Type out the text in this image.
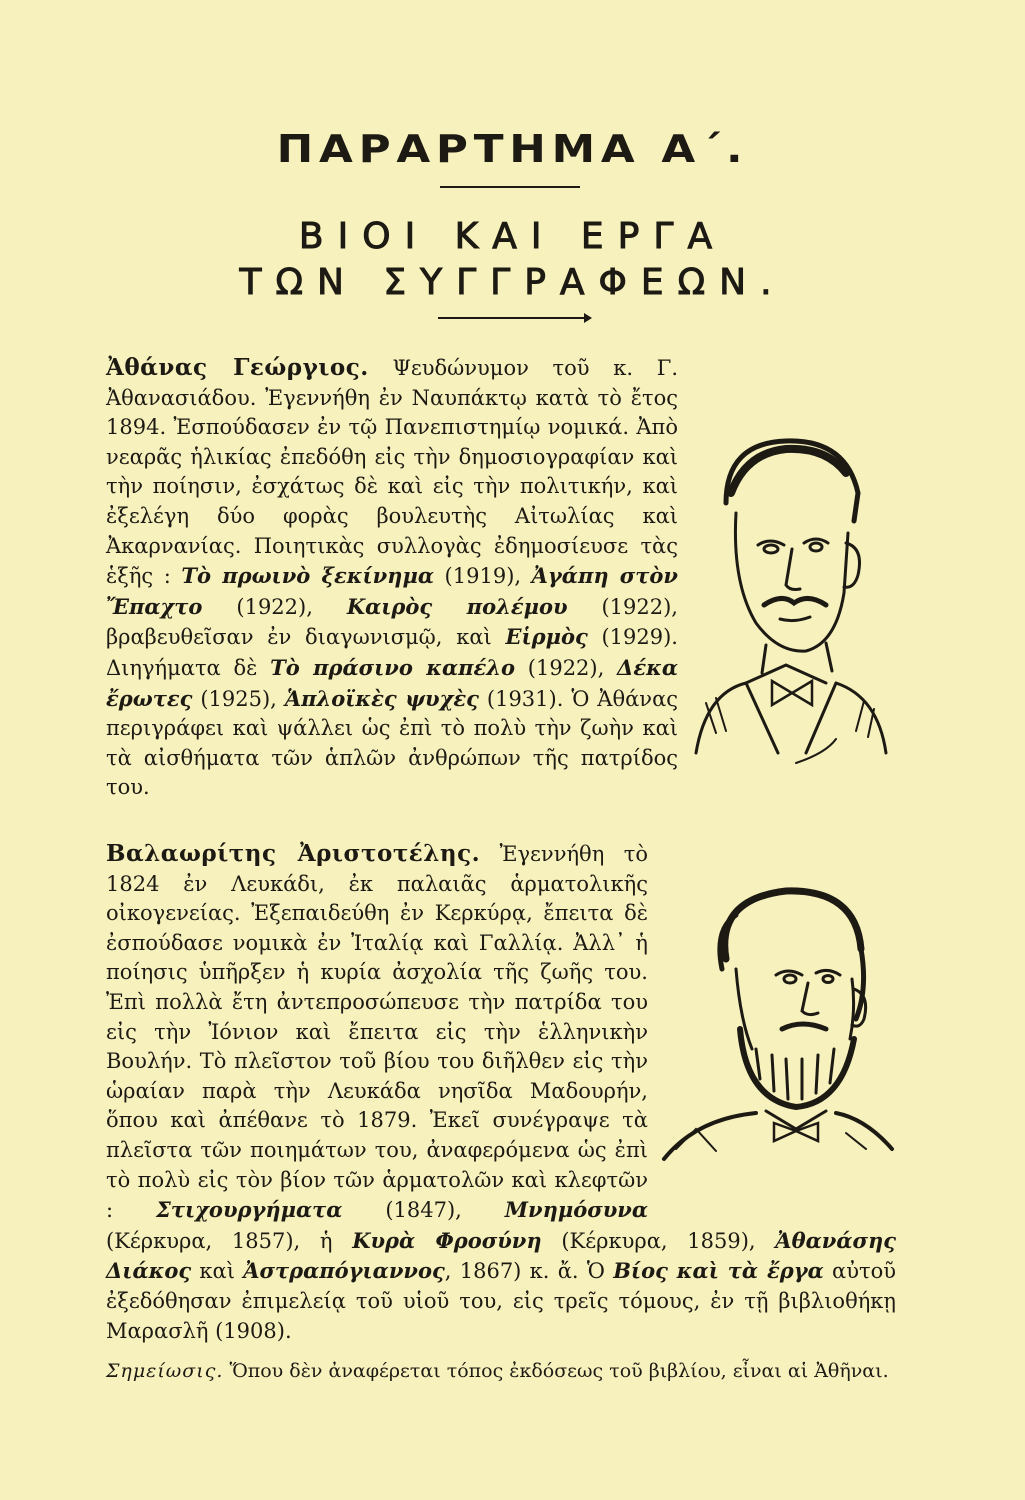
ΠΑΡΑΡΤΗΜΑ Α΄.
ΒΙΟΙ ΚΑΙ ΕΡΓΑ
ΤΩΝ ΣΥΓΓΡΑΦΕΩΝ.
Ἀθάνας Γεώργιος. Ψευδώνυμον τοῦ κ. Γ. Ἀθανασιάδου. Ἐγεννήθη ἐν Ναυπάκτῳ κατὰ τὸ ἔτος 1894. Ἐσπούδασεν ἐν τῷ Πανεπιστημίῳ νομικά. Ἀπὸ νεαρᾶς ἡλικίας ἐπεδόθη εἰς τὴν δημοσιογραφίαν καὶ τὴν ποίησιν, ἐσχάτως δὲ καὶ εἰς τὴν πολιτικήν, καὶ ἐξελέγη δύο φορὰς βουλευτὴς Αἰτωλίας καὶ Ἀκαρνανίας. Ποιητικὰς συλλογὰς ἐδημοσίευσε τὰς ἑξῆς : Τὸ πρωινὸ ξεκίνημα (1919), Ἀγάπη στὸν Ἔπαχτο (1922), Καιρὸς πολέμου (1922), βραβευθεῖσαν ἐν διαγωνισμῷ, καὶ Εἱρμὸς (1929). Διηγήματα δὲ Τὸ πράσινο καπέλο (1922), Δέκα ἔρωτες (1925), Ἁπλοϊκὲς ψυχὲς (1931). Ὁ Ἀθάνας περιγράφει καὶ ψάλλει ὡς ἐπὶ τὸ πολὺ τὴν ζωὴν καὶ τὰ αἰσθήματα τῶν ἁπλῶν ἀνθρώπων τῆς πατρίδος του.
Βαλαωρίτης Ἀριστοτέλης. Ἐγεννήθη τὸ 1824 ἐν Λευκάδι, ἐκ παλαιᾶς ἁρματολικῆς οἰκογενείας. Ἐξεπαιδεύθη ἐν Κερκύρᾳ, ἔπειτα δὲ ἐσπούδασε νομικὰ ἐν Ἰταλίᾳ καὶ Γαλλίᾳ. Ἀλλ᾽ ἡ ποίησις ὑπῆρξεν ἡ κυρία ἀσχολία τῆς ζωῆς του. Ἐπὶ πολλὰ ἔτη ἀντεπροσώπευσε τὴν πατρίδα του εἰς τὴν Ἰόνιον καὶ ἔπειτα εἰς τὴν ἑλληνικὴν Βουλήν. Τὸ πλεῖστον τοῦ βίου του διῆλθεν εἰς τὴν ὡραίαν παρὰ τὴν Λευκάδα νησῖδα Μαδουρήν, ὅπου καὶ ἀπέθανε τὸ 1879. Ἐκεῖ συνέγραψε τὰ πλεῖστα τῶν ποιημάτων του, ἀναφερόμενα ὡς ἐπὶ τὸ πολὺ εἰς τὸν βίον τῶν ἁρματολῶν καὶ κλεφτῶν : Στιχουργήματα (1847), Μνημόσυνα (Κέρκυρα, 1857), ἡ Κυρὰ Φροσύνη (Κέρκυρα, 1859), Ἀθανάσης Διάκος καὶ Ἀστραπόγιαννος, 1867) κ. ἄ. Ὁ Βίος καὶ τὰ ἔργα αὐτοῦ ἐξεδόθησαν ἐπιμελείᾳ τοῦ υἱοῦ του, εἰς τρεῖς τόμους, ἐν τῇ βιβλιοθήκῃ Μαρασλῆ (1908).
Σημείωσις. Ὅπου δὲν ἀναφέρεται τόπος ἐκδόσεως τοῦ βιβλίου, εἶναι αἱ Ἀθῆναι.
